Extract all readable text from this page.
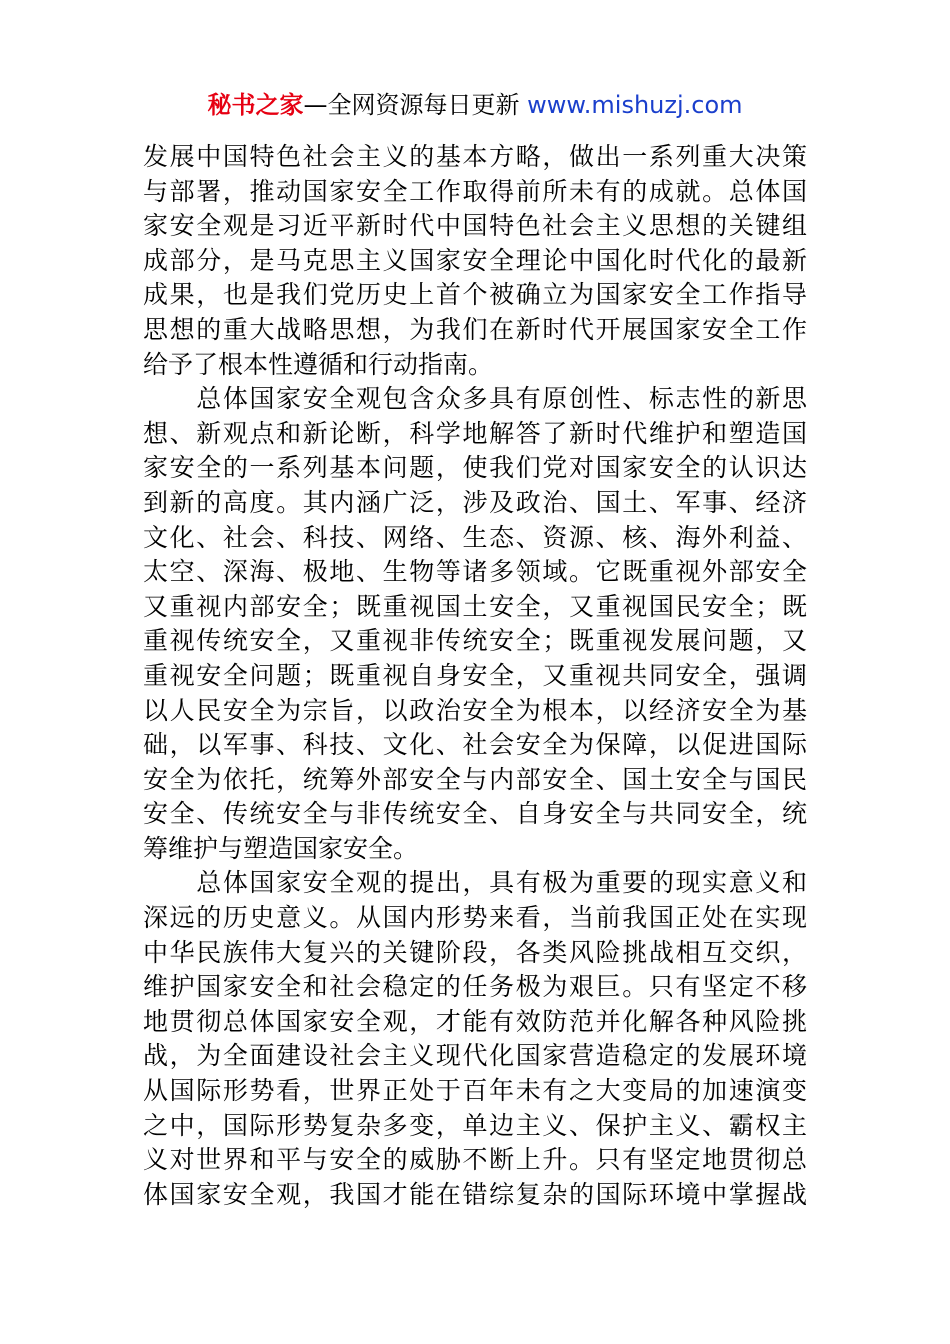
秘书之家—全网资源每日更新 www.mishuzj.com
发展中国特色社会主义的基本方略，做出一系列重大决策
与部署，推动国家安全工作取得前所未有的成就。总体国
家安全观是习近平新时代中国特色社会主义思想的关键组
成部分，是马克思主义国家安全理论中国化时代化的最新
成果，也是我们党历史上首个被确立为国家安全工作指导
思想的重大战略思想，为我们在新时代开展国家安全工作
给予了根本性遵循和行动指南。
　　总体国家安全观包含众多具有原创性、标志性的新思
想、新观点和新论断，科学地解答了新时代维护和塑造国
家安全的一系列基本问题，使我们党对国家安全的认识达
到新的高度。其内涵广泛，涉及政治、国土、军事、经济
文化、社会、科技、网络、生态、资源、核、海外利益、
太空、深海、极地、生物等诸多领域。它既重视外部安全
又重视内部安全；既重视国土安全，又重视国民安全；既
重视传统安全，又重视非传统安全；既重视发展问题，又
重视安全问题；既重视自身安全，又重视共同安全，强调
以人民安全为宗旨，以政治安全为根本，以经济安全为基
础，以军事、科技、文化、社会安全为保障，以促进国际
安全为依托，统筹外部安全与内部安全、国土安全与国民
安全、传统安全与非传统安全、自身安全与共同安全，统
筹维护与塑造国家安全。
　　总体国家安全观的提出，具有极为重要的现实意义和
深远的历史意义。从国内形势来看，当前我国正处在实现
中华民族伟大复兴的关键阶段，各类风险挑战相互交织，
维护国家安全和社会稳定的任务极为艰巨。只有坚定不移
地贯彻总体国家安全观，才能有效防范并化解各种风险挑
战，为全面建设社会主义现代化国家营造稳定的发展环境
从国际形势看，世界正处于百年未有之大变局的加速演变
之中，国际形势复杂多变，单边主义、保护主义、霸权主
义对世界和平与安全的威胁不断上升。只有坚定地贯彻总
体国家安全观，我国才能在错综复杂的国际环境中掌握战
